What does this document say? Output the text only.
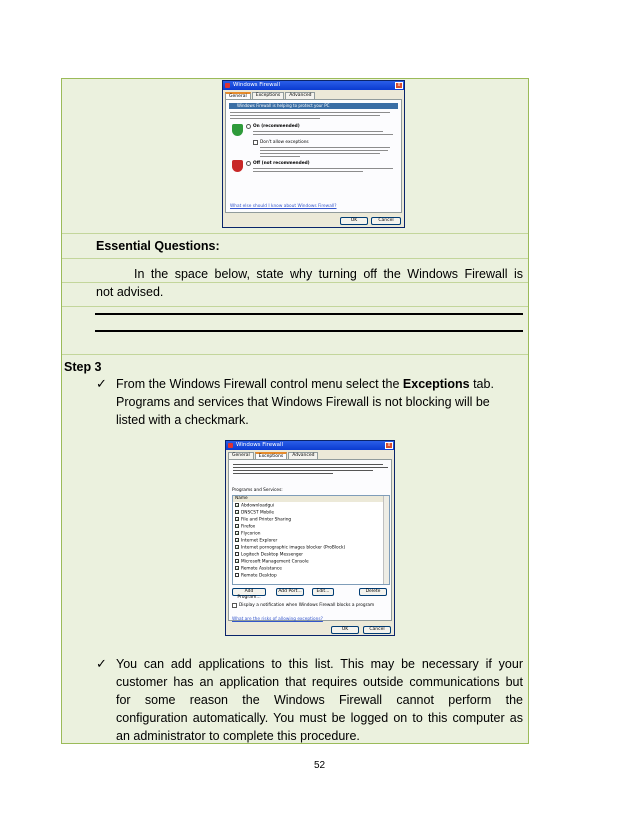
Windows Firewall	x
General	Exceptions	Advanced
Windows Firewall is helping to protect your PC
On (recommended)
Don't allow exceptions
Off (not recommended)
What else should I know about Windows Firewall?
OK	Cancel
Essential Questions:
In the space below, state why turning off the Windows Firewall is
not advised.
Step 3
✓ From the Windows Firewall control menu select the Exceptions tab.
Programs and services that Windows Firewall is not blocking will be
listed with a checkmark.
Windows Firewall	x
General	Exceptions	Advanced
Programs and Services:
Name
✓Abdownloadgui
✓DNSCST Mobile
✓File and Printer Sharing
✓Firefox
✓Flycorion
✓Internet Explorer
✓Internet pornographic images blocker (ProBlock)
Logitech Desktop Messenger
✓Microsoft Management Console
✓Remote Assistance
Remote Desktop
Add Program...
Add Port...	Edit...	Delete
Display a notification when Windows Firewall blocks a program
What are the risks of allowing exceptions?
OK	Cancel
✓ You can add applications to this list. This may be necessary if your
customer has an application that requires outside communications but
for some reason the Windows Firewall cannot perform the
configuration automatically. You must be logged on to this computer as
an administrator to complete this procedure.
52
